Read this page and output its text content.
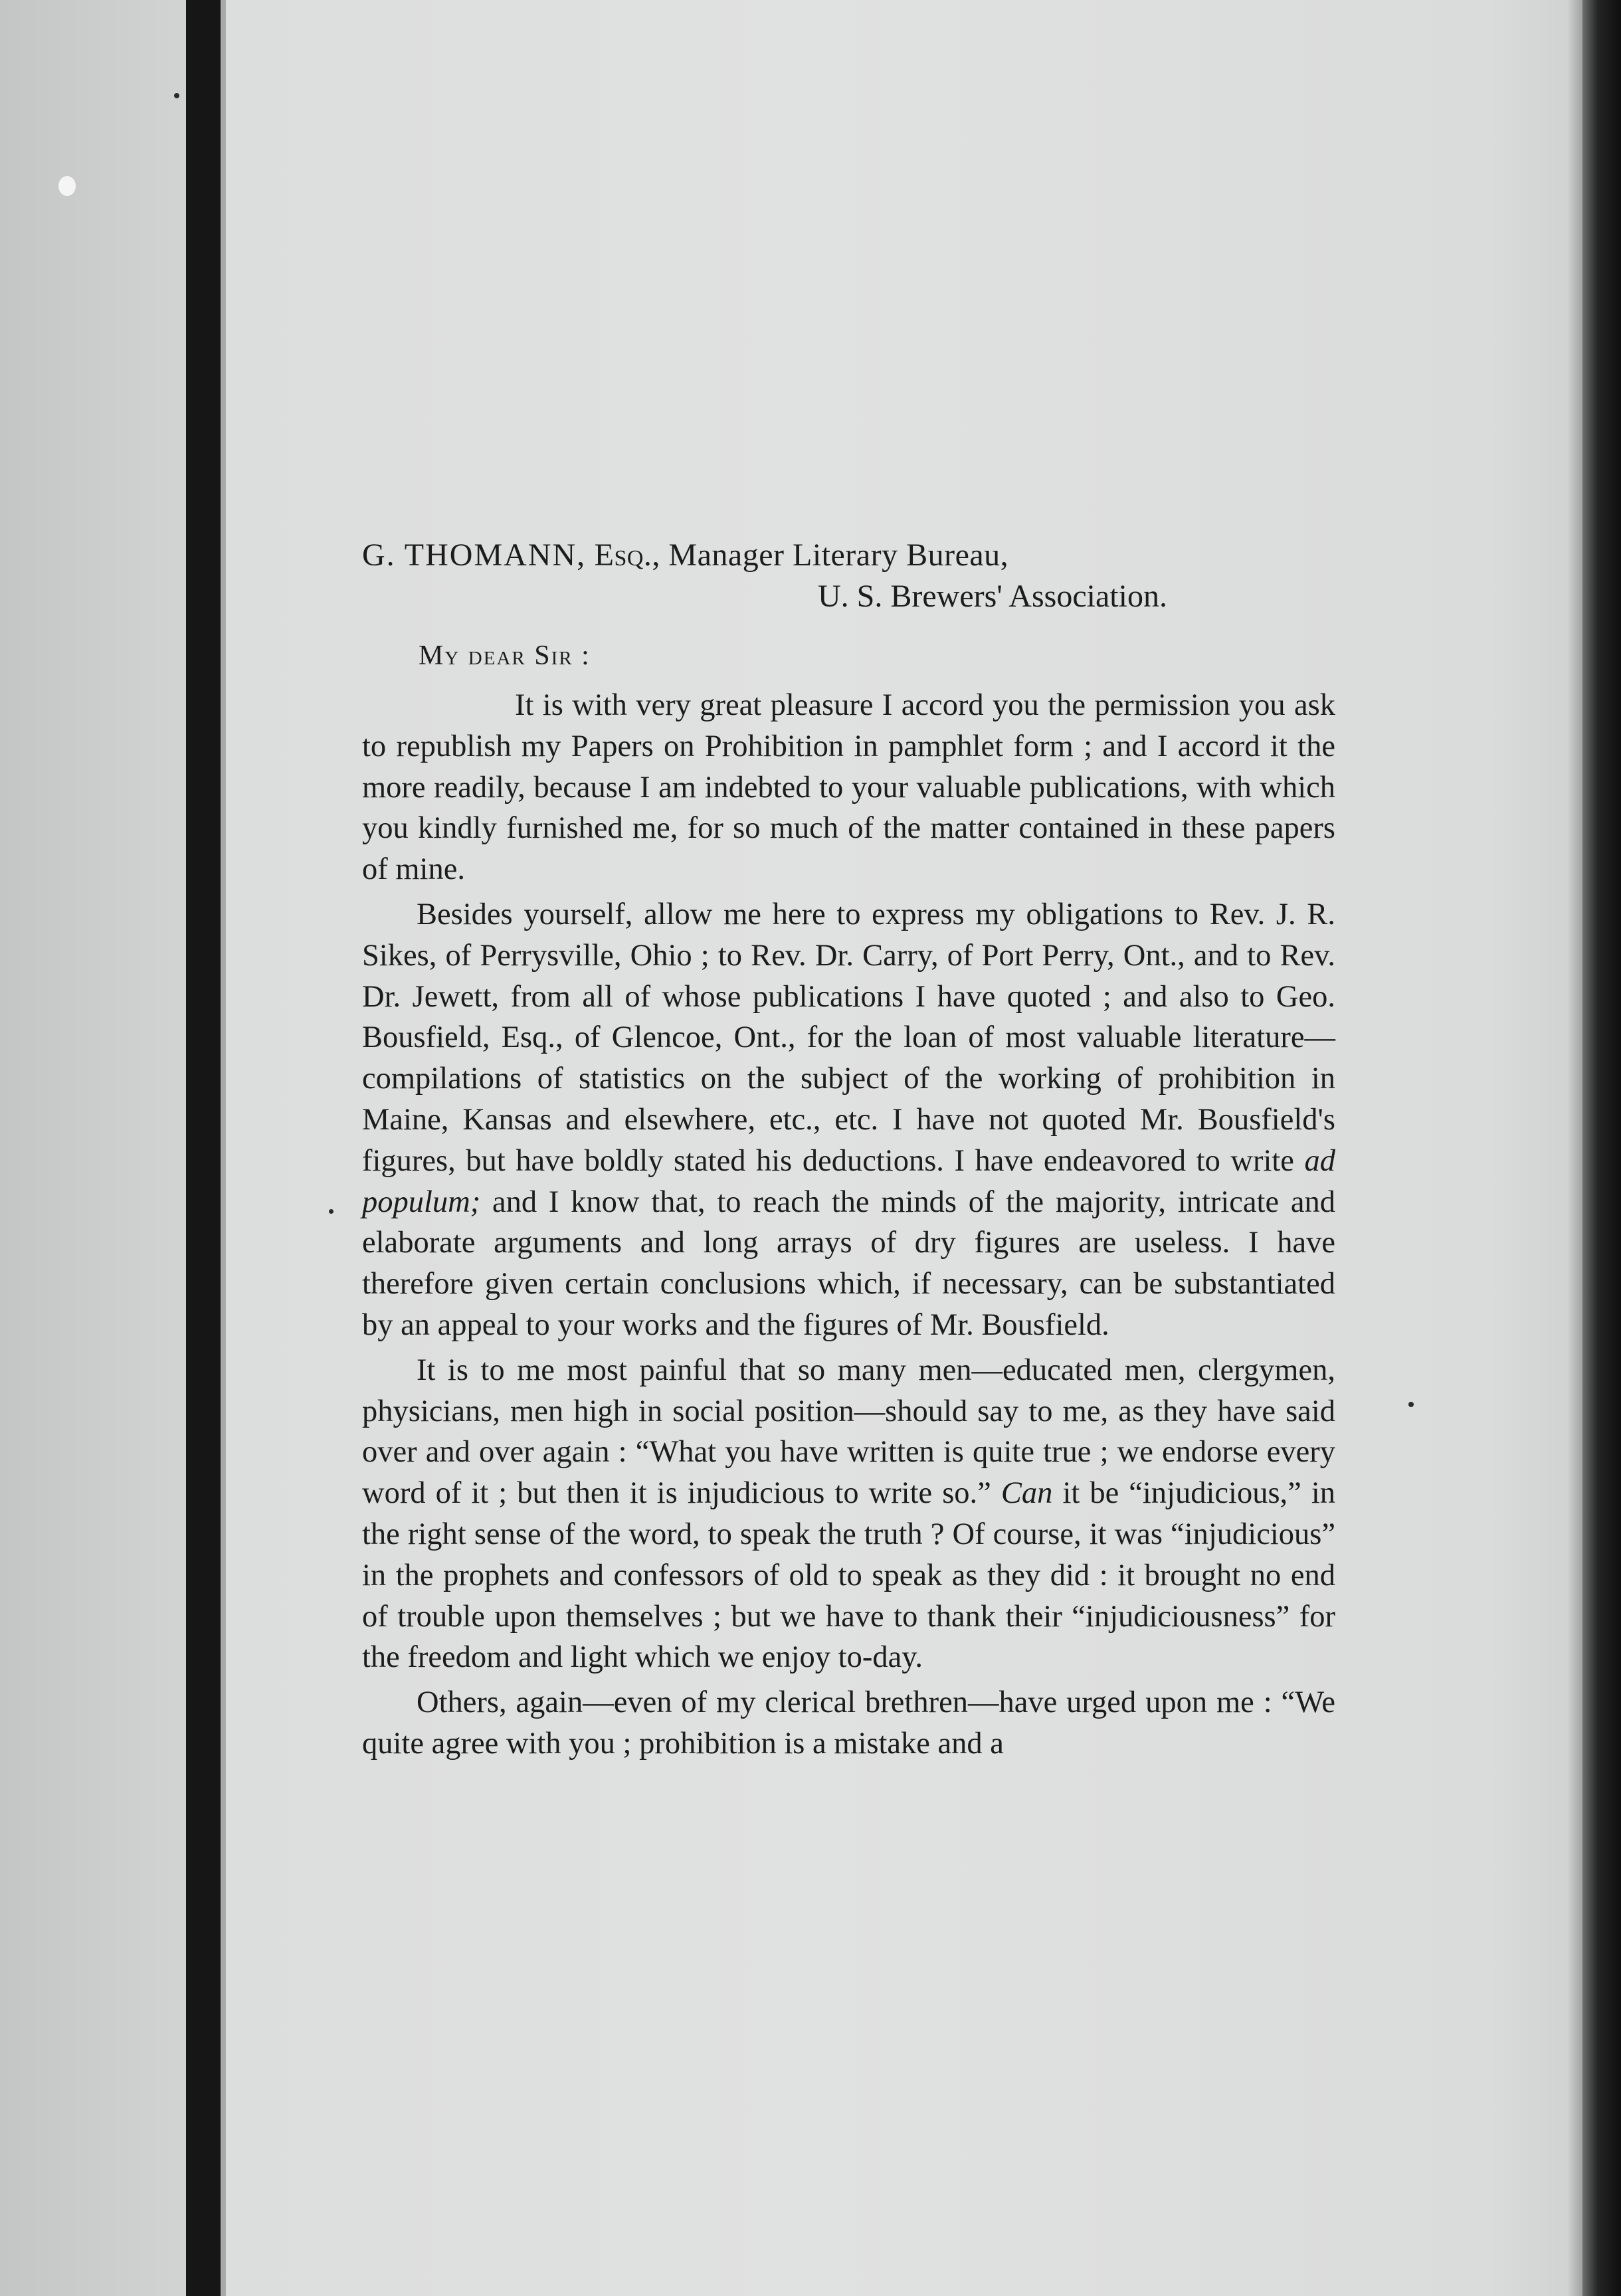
G. THOMANN, Esq., Manager Literary Bureau,

U. S. Brewers' Association.

My dear Sir :

It is with very great pleasure I accord you the permission you ask to republish my Papers on Prohibition in pamphlet form ; and I accord it the more readily, because I am indebted to your valuable publications, with which you kindly furnished me, for so much of the matter contained in these papers of mine.

Besides yourself, allow me here to express my obligations to Rev. J. R. Sikes, of Perrysville, Ohio ; to Rev. Dr. Carry, of Port Perry, Ont., and to Rev. Dr. Jewett, from all of whose publications I have quoted ; and also to Geo. Bousfield, Esq., of Glencoe, Ont., for the loan of most valuable literature—compilations of statistics on the subject of the working of prohibition in Maine, Kansas and elsewhere, etc., etc. I have not quoted Mr. Bousfield's figures, but have boldly stated his deductions. I have endeavored to write ad populum; and I know that, to reach the minds of the majority, intricate and elaborate arguments and long arrays of dry figures are useless. I have therefore given certain conclusions which, if necessary, can be substantiated by an appeal to your works and the figures of Mr. Bousfield.

It is to me most painful that so many men—educated men, clergymen, physicians, men high in social position—should say to me, as they have said over and over again : “What you have written is quite true ; we endorse every word of it ; but then it is injudicious to write so.” Can it be “injudicious,” in the right sense of the word, to speak the truth ? Of course, it was “injudicious” in the prophets and confessors of old to speak as they did : it brought no end of trouble upon themselves ; but we have to thank their “injudiciousness” for the freedom and light which we enjoy to-day.

Others, again—even of my clerical brethren—have urged upon me : “We quite agree with you ; prohibition is a mistake and a
